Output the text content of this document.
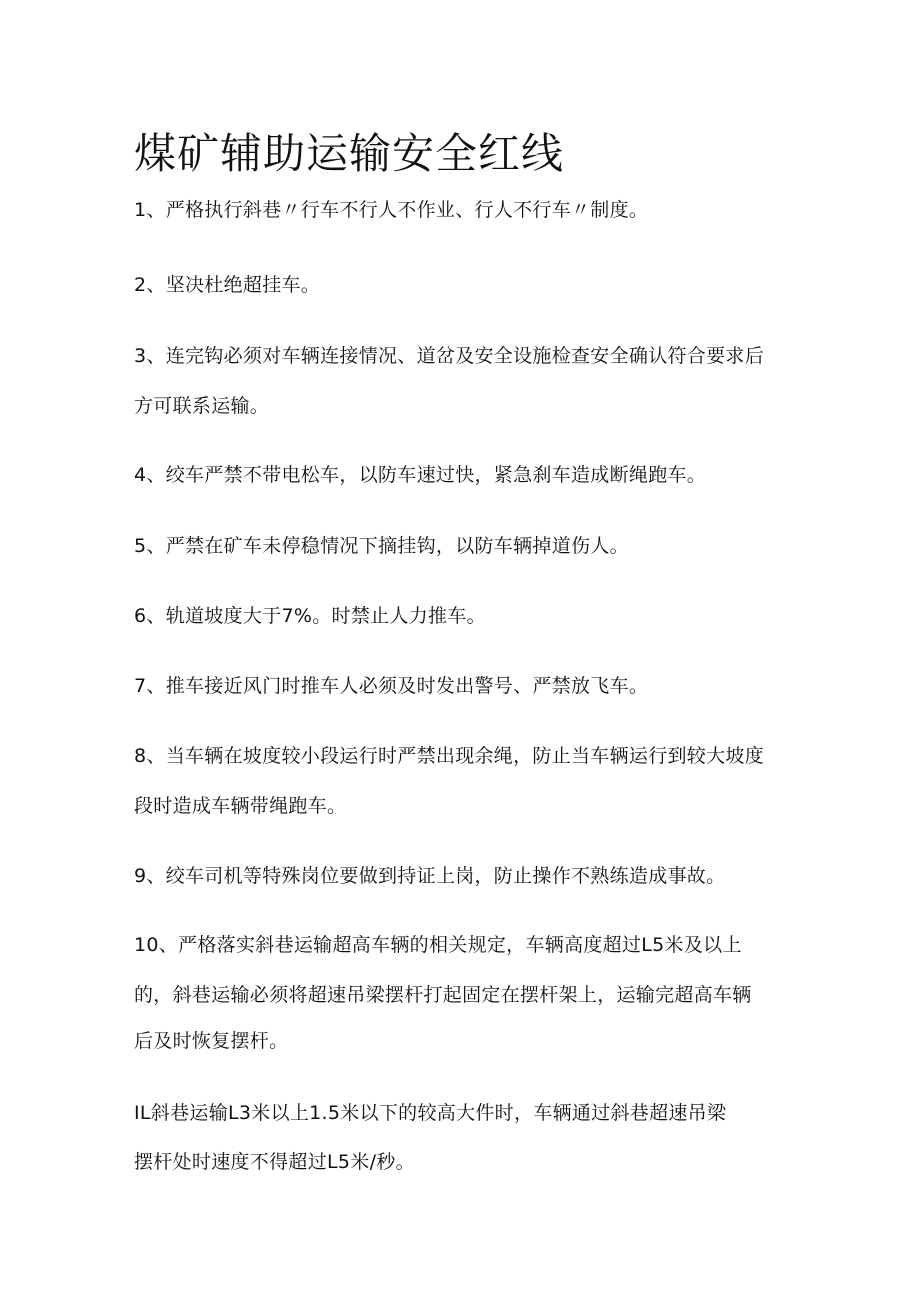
煤矿辅助运输安全红线

1、严格执行斜巷〃行车不行人不作业、行人不行车〃制度。

2、坚决杜绝超挂车。

3、连完钩必须对车辆连接情况、道岔及安全设施检查安全确认符合要求后

方可联系运输。

4、绞车严禁不带电松车，以防车速过快，紧急刹车造成断绳跑车。

5、严禁在矿车未停稳情况下摘挂钩，以防车辆掉道伤人。

6、轨道坡度大于7%。时禁止人力推车。

7、推车接近风门时推车人必须及时发出警号、严禁放飞车。

8、当车辆在坡度较小段运行时严禁出现余绳，防止当车辆运行到较大坡度

段时造成车辆带绳跑车。

9、绞车司机等特殊岗位要做到持证上岗，防止操作不熟练造成事故。

10、严格落实斜巷运输超高车辆的相关规定，车辆高度超过L5米及以上

的，斜巷运输必须将超速吊梁摆杆打起固定在摆杆架上，运输完超高车辆

后及时恢复摆杆。

IL斜巷运输L3米以上1.5米以下的较高大件时，车辆通过斜巷超速吊梁

摆杆处时速度不得超过L5米/秒。
